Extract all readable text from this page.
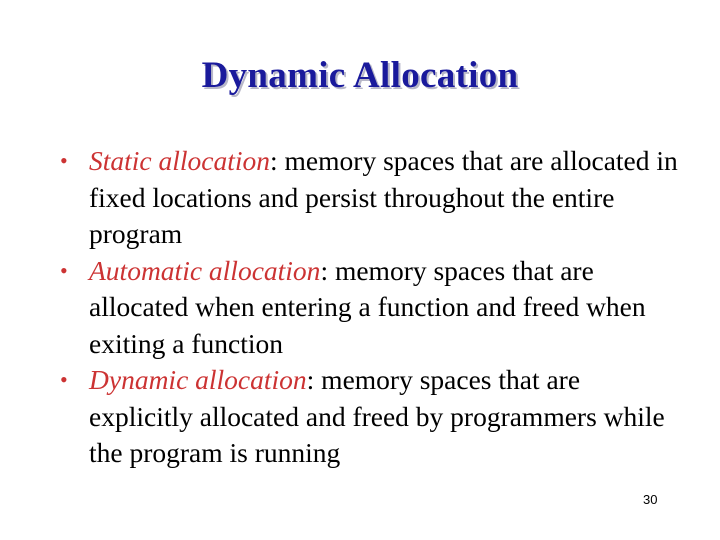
Dynamic Allocation
• Static allocation: memory spaces that are allocated in fixed locations and persist throughout the entire program
• Automatic allocation: memory spaces that are allocated when entering a function and freed when exiting a function
• Dynamic allocation: memory spaces that are explicitly allocated and freed by programmers while the program is running
30
